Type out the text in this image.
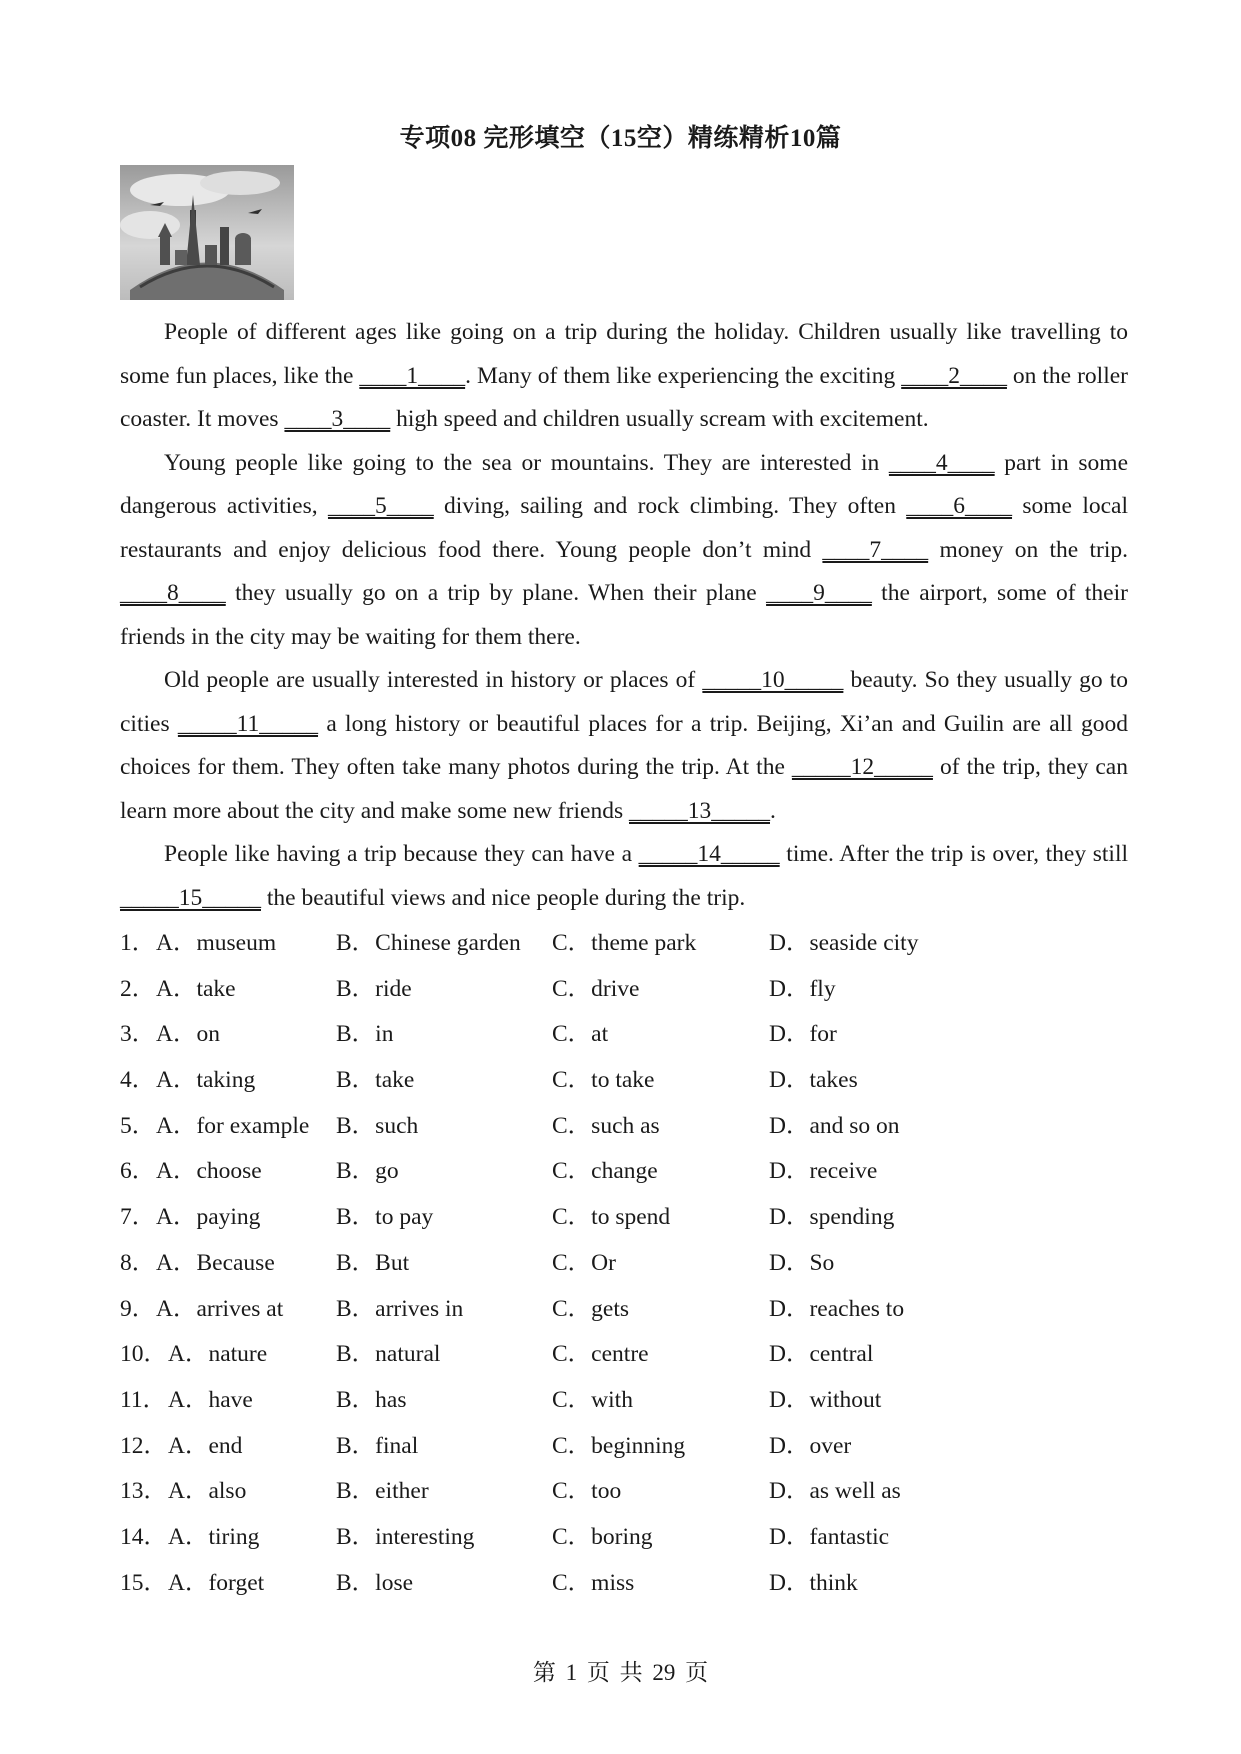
专项08 完形填空（15空）精练精析10篇

People of different ages like going on a trip during the holiday. Children usually like travelling to some fun places, like the ____1____. Many of them like experiencing the exciting ____2____ on the roller coaster. It moves ____3____ high speed and children usually scream with excitement.

Young people like going to the sea or mountains. They are interested in ____4____ part in some dangerous activities, ____5____ diving, sailing and rock climbing. They often ____6____ some local restaurants and enjoy delicious food there. Young people don’t mind ____7____ money on the trip. ____8____ they usually go on a trip by plane. When their plane ____9____ the airport, some of their friends in the city may be waiting for them there.

Old people are usually interested in history or places of _____10_____ beauty. So they usually go to cities _____11_____ a long history or beautiful places for a trip. Beijing, Xi’an and Guilin are all good choices for them. They often take many photos during the trip. At the _____12_____ of the trip, they can learn more about the city and make some new friends _____13_____.

People like having a trip because they can have a _____14_____ time. After the trip is over, they still _____15_____ the beautiful views and nice people during the trip.

1． A．museum	B．Chinese garden C．theme park	D．seaside city
2． A．take	B．ride	C．drive	D．fly
3． A．on	B．in	C．at	D．for
4． A．taking	B．take	C．to take	D．takes
5． A．for example B．such	C．such as	D．and so on
6． A．choose	B．go	C．change	D．receive
7． A．paying	B．to pay	C．to spend	D．spending
8． A．Because	B．But	C．Or	D．So
9． A．arrives at B．arrives in	C．gets	D．reaches to
10． A．nature	B．natural	C．centre	D．central
11． A．have	B．has	C．with	D．without
12． A．end	B．final	C．beginning	D．over
13． A．also	B．either	C．too	D．as well as
14． A．tiring	B．interesting	C．boring	D．fantastic
15． A．forget	B．lose	C．miss	D．think
第 1 页 共 29 页
